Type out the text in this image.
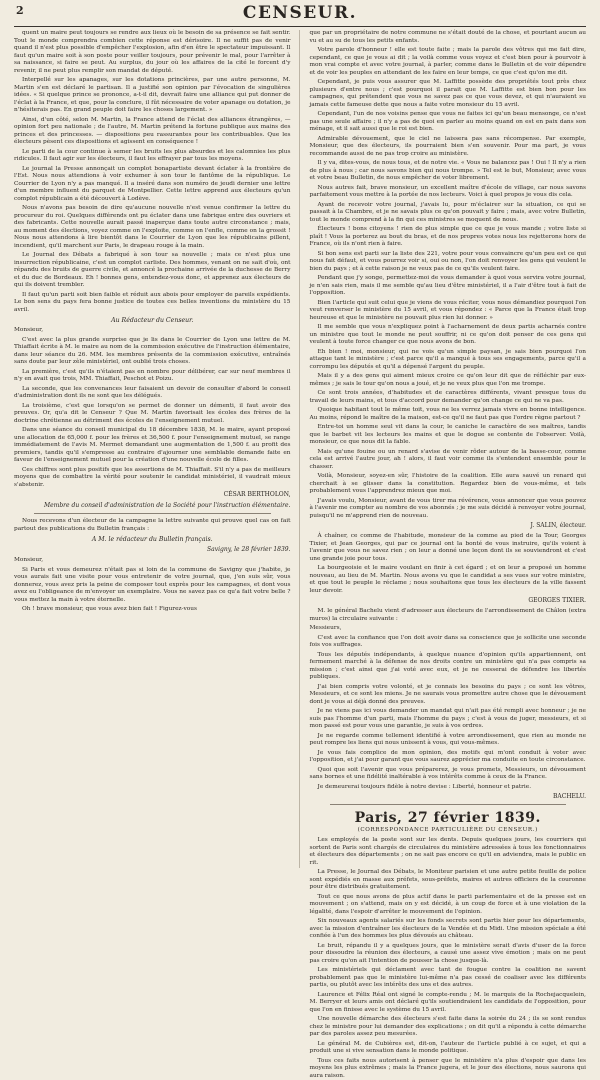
2	CENSEUR.

quent un maire peut toujours se rendre aux lieux où le besoin de sa présence se fait sentir. Tout le monde comprendra combien cette réponse est dérisoire. Il ne suffit pas de venir quand il n'est plus possible d'empêcher l'explosion, afin d'en être le spectateur impuissant. Il faut qu'un maire soit à son poste pour veiller toujours, pour prévenir le mal, pour l'arrêter à sa naissance, si faire se peut. Au surplus, du jour où les affaires de la cité le forcent d'y revenir, il ne peut plus remplir son mandat de député.

Interpellé sur les apanages, sur les dotations princières, par une autre personne, M. Martin s'en est déclaré le partisan. Il a justifié son opinion par l'évocation de singulières idées. « Si quelque prince se prononce, a-t-il dit, devrait faire une alliance qui put donner de l'éclat à la France, et que, pour la conclure, il fût nécessaire de voter apanage ou dotation, je n'hésiterais pas. En grand peuple doit faire les choses largement. »

Ainsi, d'un côté, selon M. Martin, la France attend de l'éclat des alliances étrangères, — opinion fort peu nationale ; de l'autre, M. Martin prétend la fortune publique aux mains des princes et des princesses. — dispositions peu rassurantes pour les contribuables. Que les électeurs pèsent ces dispositions et agissent en conséquence !

Le parti de la cour continue à semer les bruits les plus absurdes et les calomnies les plus ridicules. Il faut agir sur les électeurs, il faut les effrayer par tous les moyens.

Le journal la Presse annonçait un complot bonapartiste devant éclater à la frontière de l'Est. Nous nous attendions à voir exhumer à son tour le fantôme de la république. Le Courrier de Lyon n'y a pas manqué. Il a inséré dans son numéro de jeudi dernier une lettre d'un membre influent du parquet de Montpellier. Cette lettre apprend aux électeurs qu'un complot républicain a été découvert à Lodève.

Nous n'avons pas besoin de dire qu'aucune nouvelle n'est venue confirmer la lettre du procureur du roi. Quelques différends ont pu éclater dans une fabrique entre des ouvriers et des fabricants. Cette nouvelle aurait passé inaperçue dans toute autre circonstance ; mais, au moment des élections, voyez comme on l'exploite, comme on l'enfle, comme on la grossit ! Nous nous attendons à lire bientôt dans le Courrier de Lyon que les républicains pillent, incendient, qu'il marchent sur Paris, le drapeau rouge à la main.

Le Journal des Débats a fabriqué à son tour sa nouvelle ; mais ce n'est plus une insurrection républicaine, c'est un complot carliste. Des hommes, venant on ne sait d'où, ont répandu des bruits de guerre civile, et annoncé la prochaine arrivée de la duchesse de Berry et du duc de Bordeaux. Eh ! bonnes gens, entendez-vous donc, et apprenez aux électeurs de qui ils doivent trembler.

Il faut qu'un parti soit bien faible et réduit aux abois pour employer de pareils expédients. Le bon sens du pays fera bonne justice de toutes ces belles inventions du ministère du 15 avril.

Au Rédacteur du Censeur.

Monsieur,

C'est avec la plus grande surprise que je lis dans le Courrier de Lyon une lettre de M. Thiaffait écrite à M. le maire au nom de la commission exécutive de l'instruction élémentaire, dans leur séance du 26. MM. les membres présents de la commission exécutive, entraînés sans doute par leur zèle ministériel, ont oublié trois choses.

La première, c'est qu'ils n'étaient pas en nombre pour délibérer, car sur neuf membres il n'y en avait que trois, MM. Thiaffait, Peschot et Poizu.

La seconde, que les convenances leur faisaient un devoir de consulter d'abord le conseil d'administration dont ils ne sont que les délégués.

La troisième, c'est que lorsqu'on se permet de donner un démenti, il faut avoir des preuves. Or, qu'a dit le Censeur ? Que M. Martin favorisait les écoles des frères de la doctrine chrétienne au détriment des écoles de l'enseignement mutuel.

Dans une séance du conseil municipal du 18 décembre 1838, M. le maire, ayant proposé une allocation de 65,000 f. pour les frères et 36,500 f. pour l'enseignement mutuel, se range immédiatement de l'avis M. Mermet demandant une augmentation de 1,500 f. au profit des premiers, tandis qu'il s'empresse au contraire d'ajourner une semblable demande faite en faveur de l'enseignement mutuel pour la création d'une nouvelle école de filles.

Ces chiffres sont plus positifs que les assertions de M. Thiaffait. S'il n'y a pas de meilleurs moyens que de combattre la vérité pour soutenir le candidat ministériel, il vaudrait mieux s'abstenir.

CÉSAR BERTHOLON,
Membre du conseil d'administration de la Société pour l'instruction élémentaire.

Nous recevons d'un électeur de la campagne la lettre suivante qui prouve quel cas on fait partout des publications du Bulletin français :

A M. le rédacteur du Bulletin français.
Savigny, le 28 février 1839.

Monsieur,

Si Paris et vous demeurez n'était pas si loin de la commune de Savigny que j'habite, je vous aurais fait une visite pour vous entretenir de votre journal, que, j'en suis sûr, vous donnerez, vous avez pris la peine de composer tout exprès pour les campagnes, et dont vous avez eu l'obligeance de m'envoyer un exemplaire. Vous ne savez pas ce qu'a fait votre belle ? vous mettez la main à votre éternelle.

Oh ! brave monsieur, que vous avez bien fait ! Figurez-vous

que par un propriétaire de notre commune ne s'était douté de la chose, et pourtant aucun au vu et au su de tous les petits enfants.

Votre parole d'honneur ! elle est toute faite ; mais la parole des vôtres qui me fait dire, cependant, ce que je vous ai dit ; la voilà comme vous voyez et c'est bien pour à pourvoir à mon vrai compte et avec votre journal, à parler, comme dans le Bulletin et de voir dépendre et de voir les peuples en attendant de les faire en leur temps, ce que c'est qu'on me dit.

Cependant, je puis vous assurer que M. Laffitte possède des propriétés tout près chez plusieurs d'entre nous ; c'est pourquoi il parait que M. Laffitte est bien bon pour les campagnes, qui prétendent que vous ne savez pas ce que vous devez, et qui n'auraient su jamais cette fameuse dette que nous a faite votre monsieur du 15 avril.

Cependant, l'un de nos voisins pense que vous ne faites ici qu'un beau mensonge, ce n'est pas une seule affaire ; il n'y a pas de quoi en parler au moins quand on est en paix dans son ménage, et il sait aussi que le roi est bien.

Admirable dévouement, que le ciel ne laissera pas sans récompense. Par exemple, Monsieur, que des électeurs, ils pourraient bien s'en souvenir. Pour ma part, je vous recommande aussi de ne pas trop croire au ministère.

Il y va, dites-vous, de nous tous, et de notre vie. « Vous ne balancez pas ! Oui ! Il n'y a rien de plus à nous ; car nous savons bien qui nous trompe. » Tel est le but, Monsieur, avec vous et votre beau Bulletin, de nous empêcher de voter librement.

Nous autres fait, brave monsieur, un excellent maître d'école de village, car nous savons parfaitement vous mettre à la portée de nos lecteurs. Voici à quel propos je vous dis cela.

Ayant de recevoir votre journal, j'avais lu, pour m'éclairer sur la situation, ce qui se passait à la Chambre, et je ne savais plus ce qu'on pouvait y faire ; mais, avec votre Bulletin, tout le monde comprend à la fin qui ces ministres se moquent de nous.

Électeurs ! bons citoyens ! rien de plus simple que ce que je vous mande ; votre liste si plaît ! Vous la porterez au bout du bras, et de nos propres votes nous les rejetterons hors de France, où ils n'ont rien à faire.

Si bon sens est parti sur la liste des 221, votre pour vous convaincre qu'un peu est ce qui nous fait défaut, et vous pourrez voir si, oui ou non, l'on doit renvoyer les gens qui veulent le bien du pays ; et à cette raison je ne veux pas de ce qu'ils veulent faire.

Pendant que j'y songe, permettez-moi de vous demander à quoi vous servira votre journal, je n'en sais rien, mais il me semble qu'au lieu d'être ministériel, il a l'air d'être tout à fait de l'opposition.

Bien l'article qui suit celui que je viens de vous réciter, vous nous démandiez pourquoi l'on veut renverser le ministère du 15 avril, et vous répondez : « Parce que la France était trop heureuse et que le ministère ne pouvait plus rien lui donner. »

Il me semble que vous n'expliquez point à l'acharnement de deux partis acharnés contre un ministre que tout le monde ne peut souffrir, ni ce qu'on doit penser de ces gens qui veulent à toute force changer ce que nous avons de bon.

Eh bien ! moi, monsieur, qui ne vois qu'un simple paysan, je sais bien pourquoi l'on attaque tant le ministère ; c'est parce qu'il a manqué à tous ses engagements, parce qu'il a corrompu les députés et qu'il a dépensé l'argent du peuple.

Mais il y a des gens qui aiment mieux croire ce qu'on leur dit que de réfléchir par eux-mêmes ; je sais le tour qu'on nous a joué, et je ne veux plus que l'on me trompe.

Ce sont trois années, d'habitudes et de caractères différents, vivant presque tous du travail de leurs mains, et tous d'accord pour demander qu'on change ce qui ne va pas.

Quoique habitant tout le même toit, vous ne les verrez jamais vivre en bonne intelligence. Au moins, répond le maître de la maison, est-ce qu'il ne faut pas que l'ordre règne partout ?

Entre-toi un homme seul vit dans la cour, le caniche le caractère de ses maîtres, tandis que le barbet vit les lecteurs les mains et que le dogue se contente de l'observer. Voilà, monsieur, ce que nous dit la fable.

Mais qu'une fouine ou un renard s'avise de venir rôder autour de la basse-cour, comme cela est arrivé l'autre jour, ah ! alors, il faut voir comme ils s'entendent ensemble pour le chasser.

Voilà, Monsieur, soyez-en sûr, l'histoire de la coalition. Elle aura sauvé un renard qui cherchait à se glisser dans la constitution. Regardez bien de vous-même, et tels probablement vous l'apprendrez mieux que moi.

J'avais voulu, Monsieur, avant de vous tirer ma révérence, vous annoncer que vous pouvez à l'avenir me compter au nombre de vos abonnés ; je me suis décidé à renvoyer votre journal, puisqu'il ne m'apprend rien de nouveau.

J. SALIN, électeur.

À chaîner, ce comme de l'habitude, monsieur de la comme au pied de la Tour, Georges Tixier, et Jean Georges, qui par ce journal ont la bonté de vous instruire, qu'ils voient à l'avenir que vous ne savez rien ; on leur a donné une leçon dont ils se souviendront et c'est une grande joie pour tous.

La bourgeoisie et le maire voulant en finir à cet égard ; et on leur a proposé un homme nouveau, au lieu de M. Martin. Nous avons vu que le candidat a ses vues sur votre ministre, et que tout le peuple le réclame ; nous souhaitons que tous les électeurs de la ville fassent leur devoir.

GEORGES TIXIER.

M. le général Bachelu vient d'adresser aux électeurs de l'arrondissement de Châlon (extra muros) la circulaire suivante :

Messieurs,

C'est avec la confiance que l'on doit avoir dans sa conscience que je sollicite une seconde fois vos suffrages.

Tous les députés indépendants, à quelque nuance d'opinion qu'ils appartiennent, ont fermement marché à la défense de nos droits contre un ministère qui n'a pas compris sa mission ; c'est ainsi que j'ai voté avec eux, et je ne cesserai de défendre les libertés publiques.

J'ai bien compris votre volonté, et je connais les besoins du pays ; ce sont les vôtres, Messieurs, et ce sont les miens. Je ne saurais vous promettre autre chose que le dévouement dont je vous ai déjà donné des preuves.

Je ne viens pas ici vous demander un mandat qui n'ait pas été rempli avec honneur ; je ne suis pas l'homme d'un parti, mais l'homme du pays ; c'est à vous de juger, messieurs, et si mon passé est pour vous une garantie, je suis à vos ordres.

Je ne regarde comme tellement identifié à votre arrondissement, que rien au monde ne peut rompre les liens qui nous unissent à vous, qui vous-mêmes.

Je vous fais complice de mon opinion, des motifs qui m'ont conduit à voter avec l'opposition, et j'ai pour garant que vous saurez apprécier ma conduite en toute circonstance.

Quoi que soit l'avenir que vous préparerez, je vous promets, Messieurs, un dévouement sans bornes et une fidélité inaltérable à vos intérêts comme à ceux de la France.

Je demeurerai toujours fidèle à notre devise : Liberté, honneur et patrie.

BACHELU.
Paris, 27 février 1839.
(CORRESPONDANCE PARTICULIÈRE DU CENSEUR.)

Les employés de la poste sont sur les dents. Depuis quelques jours, les courriers qui sortent de Paris sont chargés de circulaires du ministère adressées à tous les fonctionnaires et électeurs des départements ; on ne sait pas encore ce qu'il en adviendra, mais le public en rit.

La Presse, le Journal des Débats, le Moniteur parisien et une autre petite feuille de police sont expédiés en masse aux préfets, sous-préfets, maires et autres officiers de la couronne pour être distribués gratuitement.

Tout ce que nous avons de plus actif dans le parti parlementaire et de la presse est en mouvement ; on s'attend, mais on y est décidé, à un coup de force et à une violation de la légalité, dans l'espoir d'arrêter le mouvement de l'opinion.

Six nouveaux agents salariés sur les fonds secrets sont partis hier pour les départements, avec la mission d'entraîner les électeurs de la Vendée et du Midi. Une mission spéciale a été confiée à l'un des hommes les plus dévoués au château.

Le bruit, répandu il y a quelques jours, que le ministère serait d'avis d'user de la force pour dissoudre la réunion des électeurs, a causé une assez vive émotion ; mais on ne peut pas croire qu'on ait l'intention de pousser la chose jusque-là.

Les ministériels qui déclament avec tant de fougue contre la coalition ne savent probablement pas que le ministère lui-même n'a pas cessé de coaliser avec les différents partis, ou plutôt avec les intérêts des uns et des autres.

Laurence et Félix Réal ont signé le compte-rendu ; M. le marquis de la Rochejacquelein, M. Berryer et leurs amis ont déclaré qu'ils soutiendraient les candidats de l'opposition, pour que l'on en finisse avec le système du 15 avril.

Une nouvelle démarche des électeurs s'est faite dans la soirée du 24 ; ils se sont rendus chez le ministre pour lui demander des explications ; on dit qu'il a répondu à cette démarche par des paroles assez peu mesurées.

Le général M. de Cubières est, dit-on, l'auteur de l'article publié à ce sujet, et qui a produit une si vive sensation dans le monde politique.

Tous ces faits nous autorisent à penser que le ministère n'a plus d'espoir que dans les moyens les plus extrêmes ; mais la France jugera, et le jour des élections, nous saurons qui aura raison.
